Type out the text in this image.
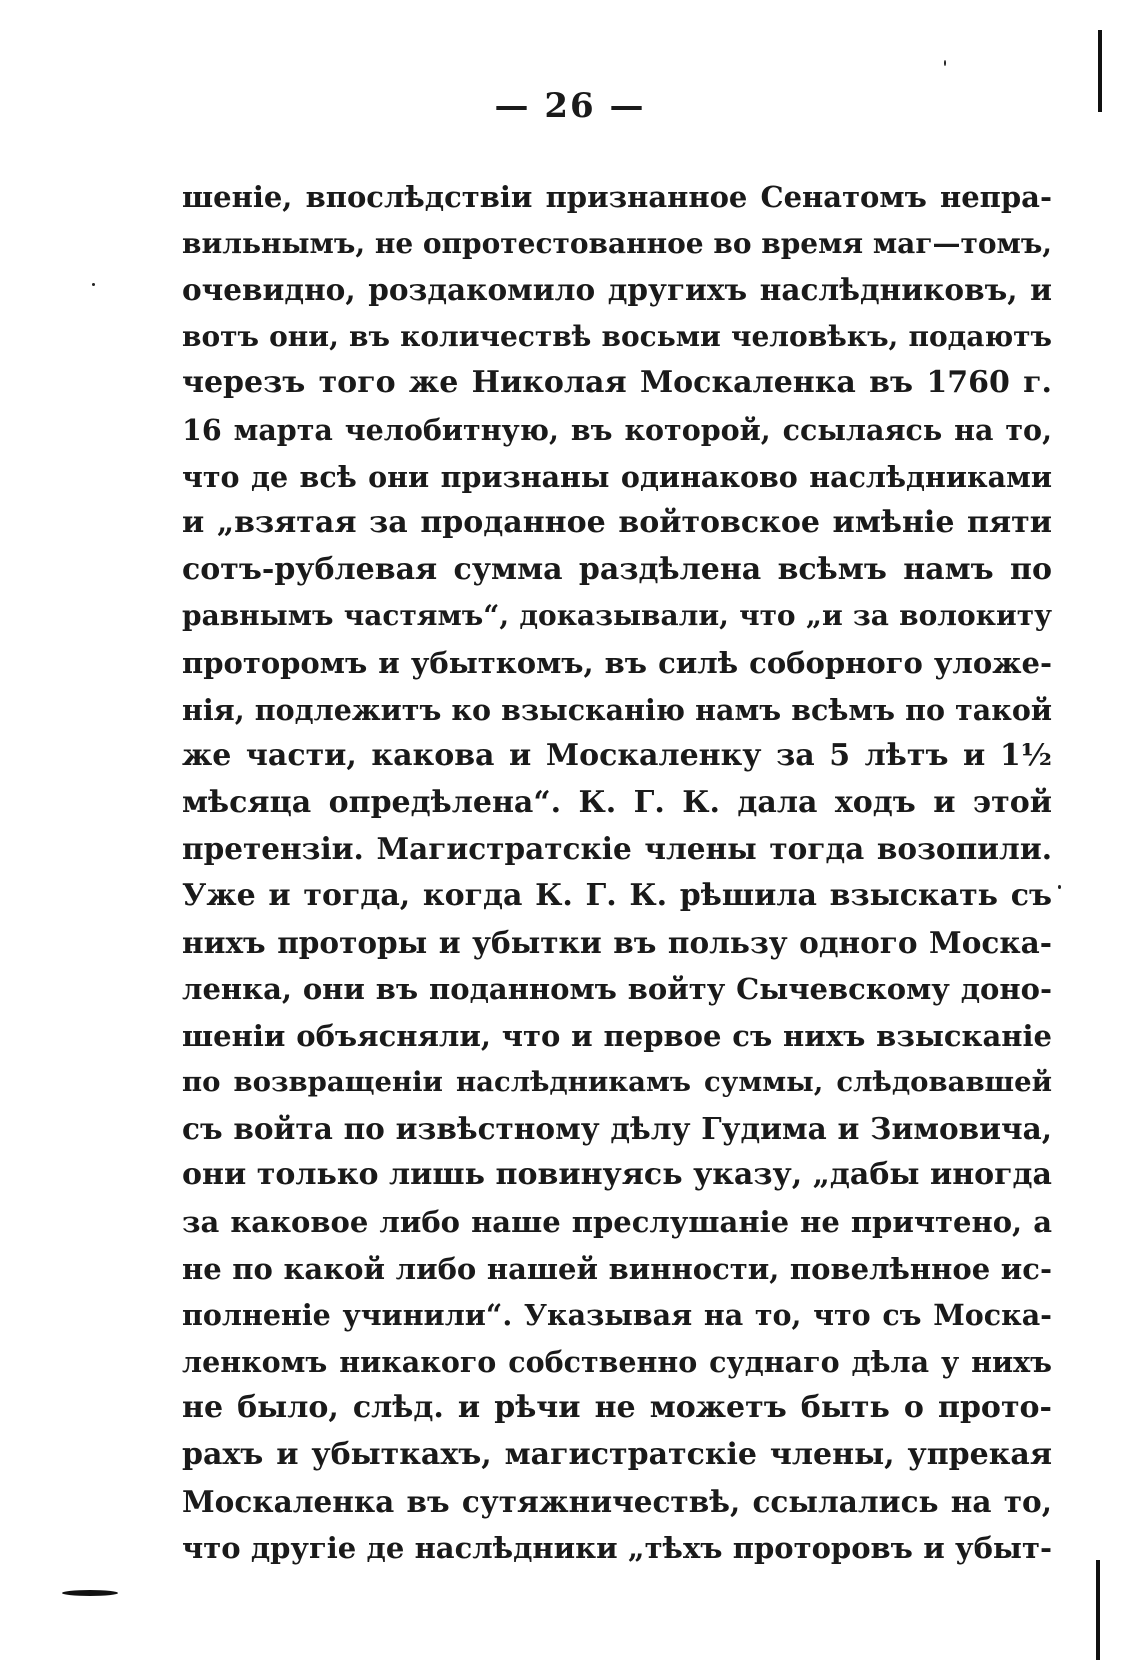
— 26 —
шеніе, впослѣдствіи признанное Сенатомъ непра-
вильнымъ, не опротестованное во время маг—томъ,
очевидно, роздакомило другихъ наслѣдниковъ, и
вотъ они, въ количествѣ восьми человѣкъ, подаютъ
черезъ того же Николая Москаленка въ 1760 г.
16 марта челобитную, въ которой, ссылаясь на то,
что де всѣ они признаны одинаково наслѣдниками
и „взятая за проданное войтовское имѣніе пяти
сотъ-рублевая сумма раздѣлена всѣмъ намъ по
равнымъ частямъ“, доказывали, что „и за волокиту
проторомъ и убыткомъ, въ силѣ соборного уложе-
нія, подлежитъ ко взысканію намъ всѣмъ по такой
же части, какова и Москаленку за 5 лѣтъ и 1½
мѣсяца опредѣлена“. К. Г. К. дала ходъ и этой
претензіи. Магистратскіе члены тогда возопили.
Уже и тогда, когда К. Г. К. рѣшила взыскать съ
нихъ проторы и убытки въ пользу одного Моска-
ленка, они въ поданномъ войту Сычевскому доно-
шеніи объясняли, что и первое съ нихъ взысканіе
по возвращеніи наслѣдникамъ суммы, слѣдовавшей
съ войта по извѣстному дѣлу Гудима и Зимовича,
они только лишь повинуясь указу, „дабы иногда
за каковое либо наше преслушаніе не причтено, а
не по какой либо нашей винности, повелѣнное ис-
полненіе учинили“. Указывая на то, что съ Моска-
ленкомъ никакого собственно суднаго дѣла у нихъ
не было, слѣд. и рѣчи не можетъ быть о прото-
рахъ и убыткахъ, магистратскіе члены, упрекая
Москаленка въ сутяжничествѣ, ссылались на то,
что другіе де наслѣдники „тѣхъ проторовъ и убыт-
